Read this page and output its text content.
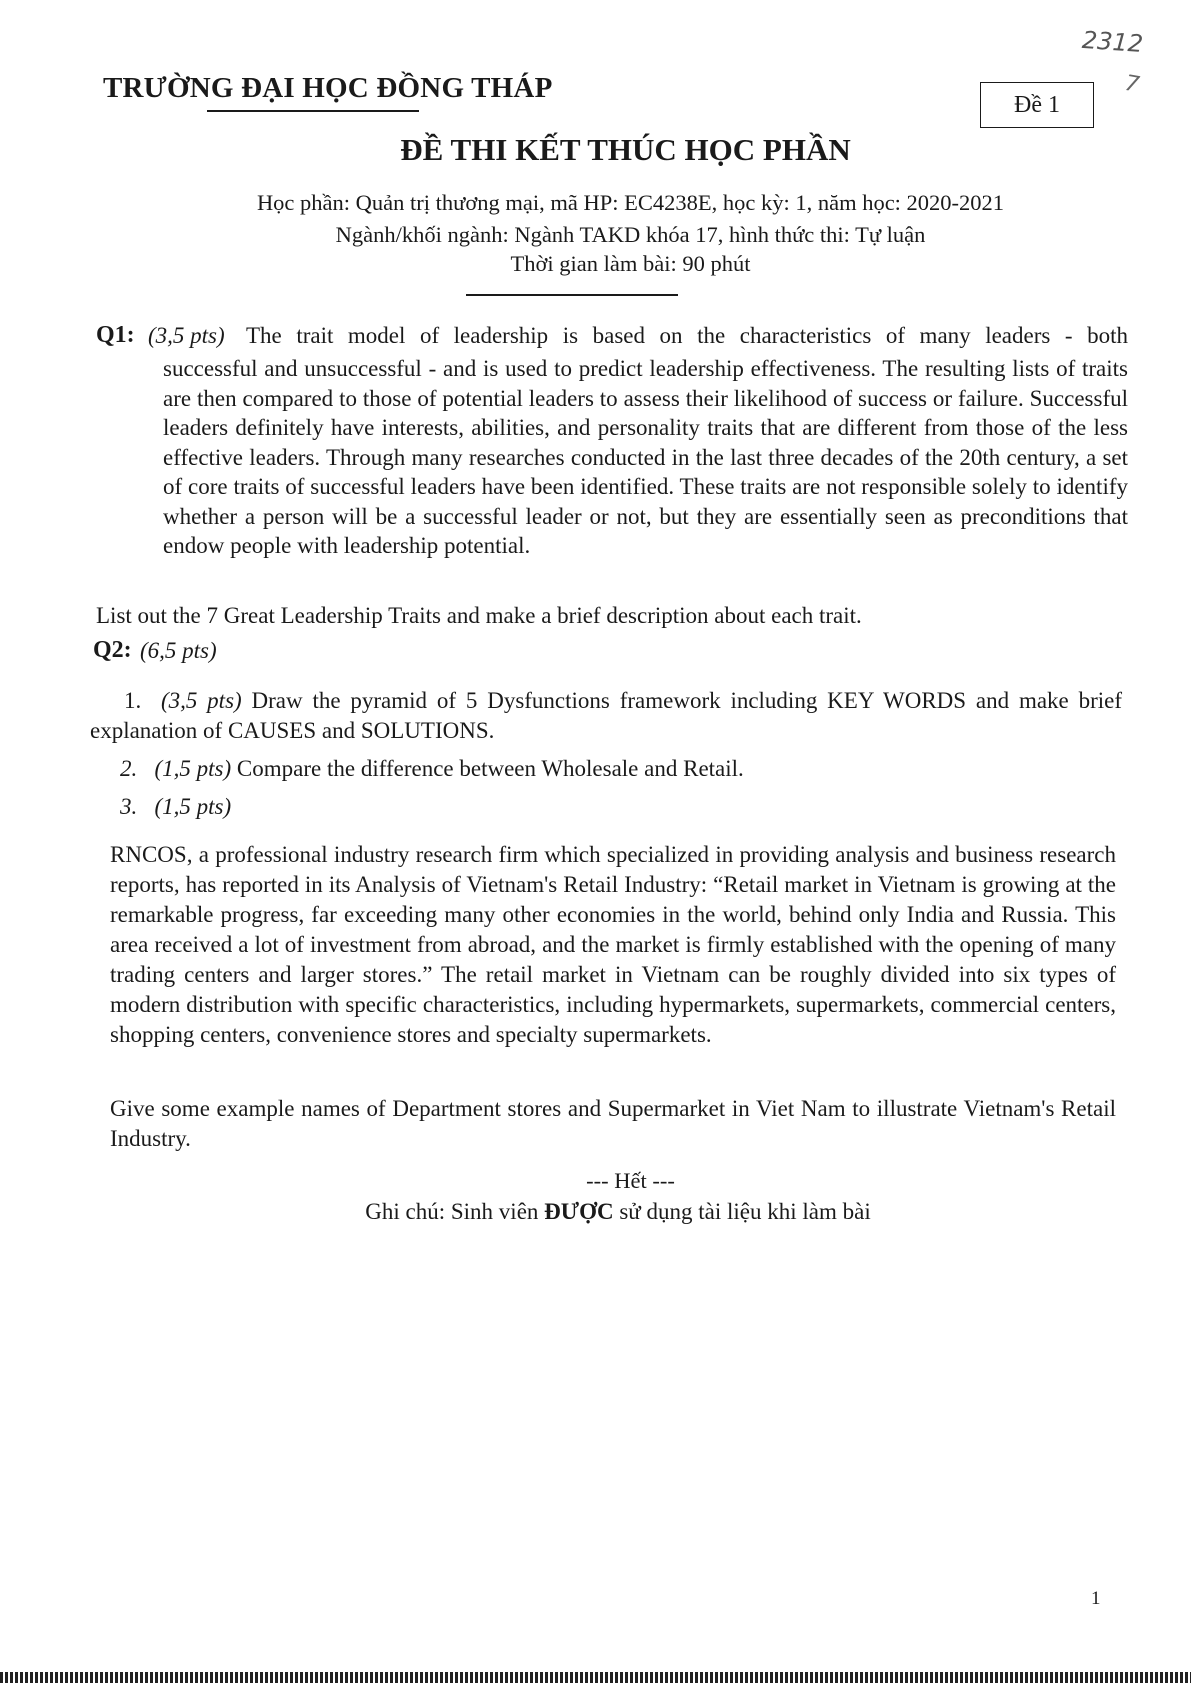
TRƯỜNG ĐẠI HỌC ĐỒNG THÁP
Đề 1
2312
7
ĐỀ THI KẾT THÚC HỌC PHẦN
Học phần: Quản trị thương mại, mã HP: EC4238E, học kỳ: 1, năm học: 2020-2021
Ngành/khối ngành: Ngành TAKD khóa 17, hình thức thi: Tự luận
Thời gian làm bài: 90 phút
Q1: (3,5 pts) The trait model of leadership is based on the characteristics of many leaders - both
successful and unsuccessful - and is used to predict leadership effectiveness. The resulting lists of traits are then compared to those of potential leaders to assess their likelihood of success or failure. Successful leaders definitely have interests, abilities, and personality traits that are different from those of the less effective leaders. Through many researches conducted in the last three decades of the 20th century, a set of core traits of successful leaders have been identified. These traits are not responsible solely to identify whether a person will be a successful leader or not, but they are essentially seen as preconditions that endow people with leadership potential.
List out the 7 Great Leadership Traits and make a brief description about each trait.
Q2: (6,5 pts)
1. (3,5 pts) Draw the pyramid of 5 Dysfunctions framework including KEY WORDS and make brief explanation of CAUSES and SOLUTIONS.
2. (1,5 pts) Compare the difference between Wholesale and Retail.
3. (1,5 pts)
RNCOS, a professional industry research firm which specialized in providing analysis and business research reports, has reported in its Analysis of Vietnam's Retail Industry: “Retail market in Vietnam is growing at the remarkable progress, far exceeding many other economies in the world, behind only India and Russia. This area received a lot of investment from abroad, and the market is firmly established with the opening of many trading centers and larger stores.” The retail market in Vietnam can be roughly divided into six types of modern distribution with specific characteristics, including hypermarkets, supermarkets, commercial centers, shopping centers, convenience stores and specialty supermarkets.
Give some example names of Department stores and Supermarket in Viet Nam to illustrate Vietnam's Retail Industry.
--- Hết ---
Ghi chú: Sinh viên ĐƯỢC sử dụng tài liệu khi làm bài
1
